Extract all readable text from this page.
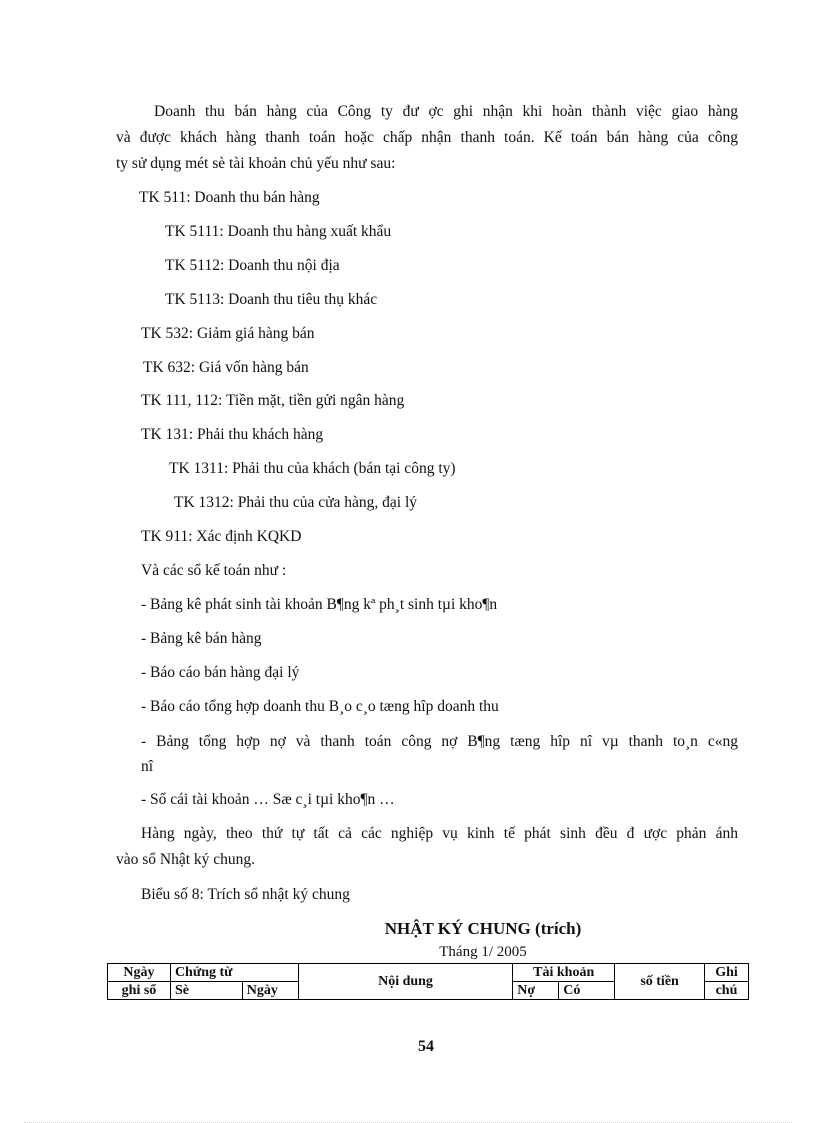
Doanh thu bán hàng của Công ty đư ợc ghi nhận khi hoàn thành việc giao hàng
và được khách hàng thanh toán hoặc chấp nhận thanh toán. Kế toán bán hàng của công
ty sử dụng mét sè tài khoản chủ yếu như sau:
TK 511: Doanh thu bán hàng
TK 5111: Doanh thu hàng xuất khẩu
TK 5112: Doanh thu nội địa
TK 5113: Doanh thu tiêu thụ khác
TK 532: Giảm giá hàng bán
TK 632: Giá vốn hàng bán
TK 111, 112: Tiền mặt, tiền gửi ngân hàng
TK 131: Phải thu khách hàng
TK 1311: Phải thu của khách (bán tại công ty)
TK 1312: Phải thu của cửa hàng, đại lý
TK 911: Xác định KQKD
Và các sổ kế toán như :
- Bảng kê phát sinh tài khoản B¶ng kª ph¸t sinh tµi kho¶n
- Bảng kê bán hàng
- Báo cáo bán hàng đại lý
- Báo cáo tổng hợp doanh thu B¸o c¸o tæng hîp doanh thu
- Bảng tổng hợp nợ và thanh toán công nợ B¶ng tæng hîp nî vµ thanh to¸n c«ng
nî
- Sổ cái tài khoản … Sæ c¸i tµi kho¶n …
Hàng ngày, theo thứ tự tất cả các nghiệp vụ kinh tế phát sinh đều đ ược phản ánh
vào sổ Nhật ký chung.
Biểu số 8: Trích sổ nhật ký chung
NHẬT KÝ CHUNG (trích)
Tháng 1/ 2005
Ngày	Chứng từ		Nội dung	Tài khoản		số tiền	Ghi
ghi sổ	Sè	Ngày		Nợ	Có		chú
54
